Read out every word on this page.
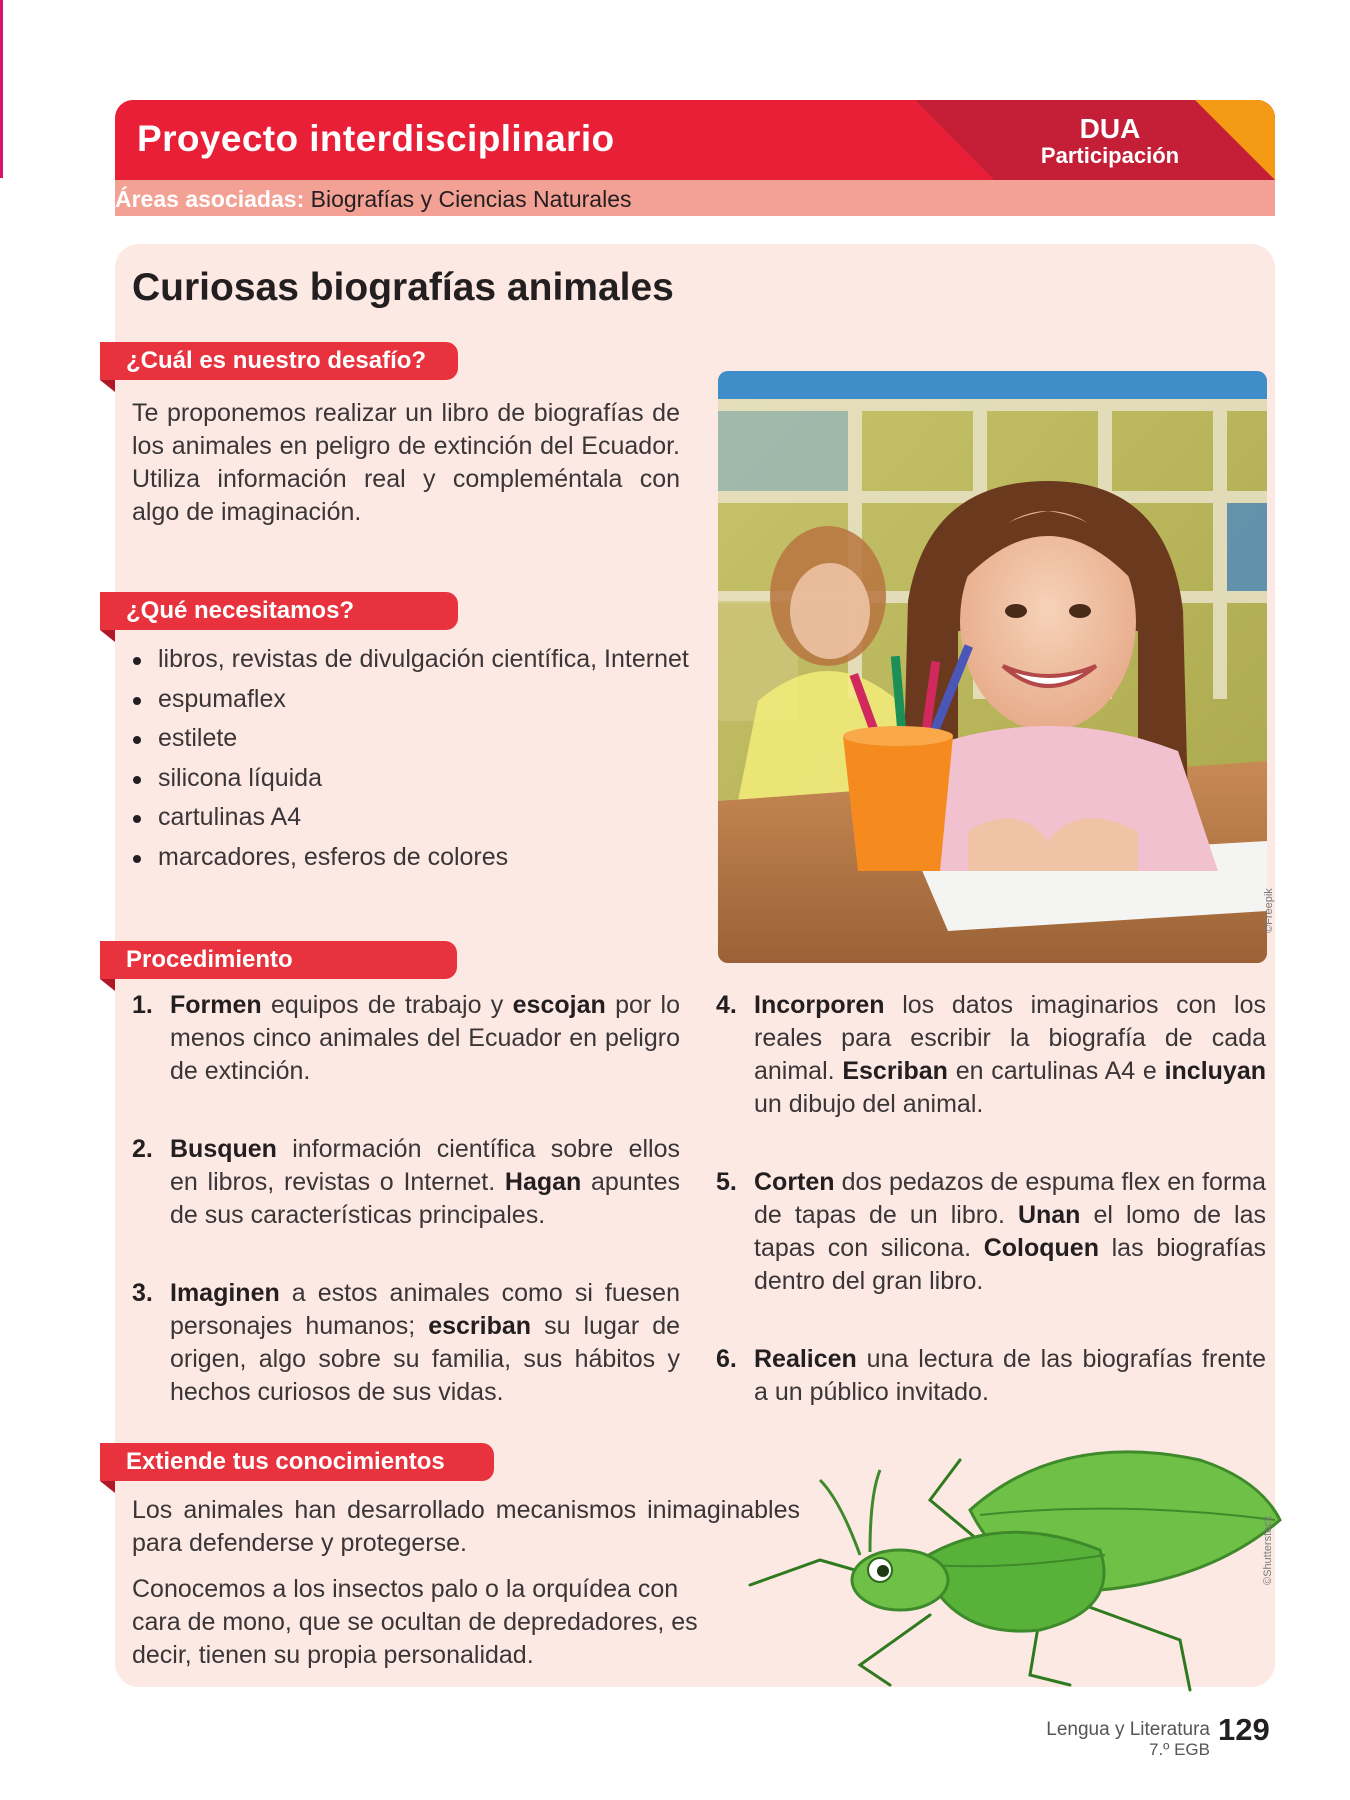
Proyecto interdisciplinario	DUA
Participación
Áreas asociadas: Biografías y Ciencias Naturales
Curiosas biografías animales
¿Cuál es nuestro desafío?

Te proponemos realizar un libro de biografías de los animales en peligro de extinción del Ecuador. Utiliza información real y compleméntala con algo de imaginación.

¿Qué necesitamos?
libros, revistas de divulgación científica, Internet
espumaflex
estilete
silicona líquida
cartulinas A4
marcadores, esferos de colores
©Freepik
Procedimiento
1. Formen equipos de trabajo y escojan por lo menos cinco animales del Ecuador en peligro de extinción.
2. Busquen información científica sobre ellos en libros, revistas o Internet. Hagan apuntes de sus características principales.
3. Imaginen a estos animales como si fuesen personajes humanos; escriban su lugar de origen, algo sobre su familia, sus hábitos y hechos curiosos de sus vidas.
4. Incorporen los datos imaginarios con los reales para escribir la biografía de cada animal. Escriban en cartulinas A4 e incluyan un dibujo del animal.
5. Corten dos pedazos de espuma flex en forma de tapas de un libro. Unan el lomo de las tapas con silicona. Coloquen las biografías dentro del gran libro.
6. Realicen una lectura de las biografías frente a un público invitado.
Extiende tus conocimientos

Los animales han desarrollado mecanismos inimaginables para defenderse y protegerse.

Conocemos a los insectos palo o la orquídea con cara de mono, que se ocultan de depredadores, es decir, tienen su propia personalidad.

©Shutterstock
Lengua y Literatura
7.º EGB
129
